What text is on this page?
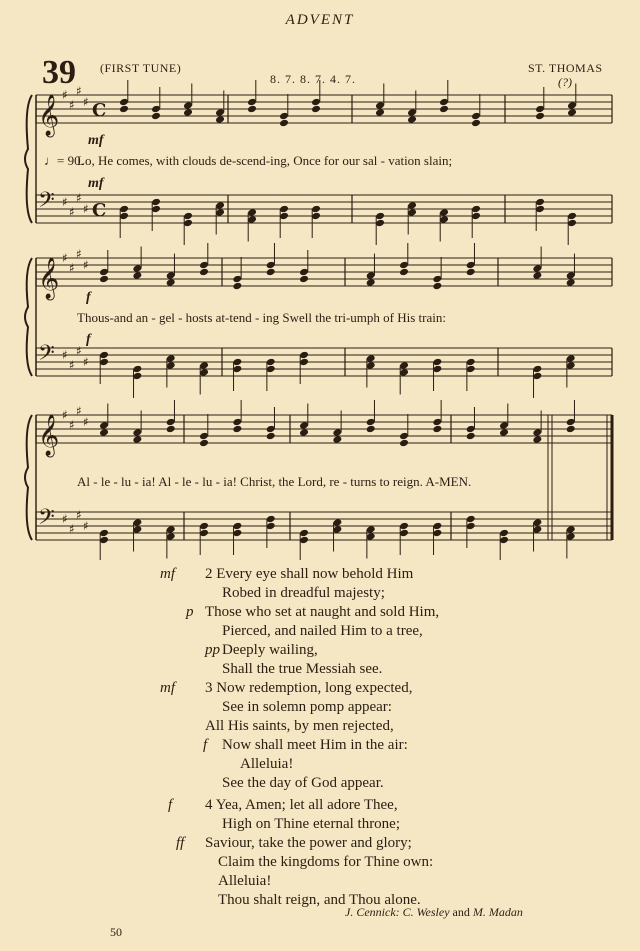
ADVENT
39 (FIRST TUNE)
8. 7. 8. 7. 4. 7.
ST. THOMAS
(?)
𝄞 ♯
♯
♯
♯ C
𝄢 ♯
♯
♯
♯ C
𝄞 ♯
♯
♯
♯
𝄢 ♯
♯
♯
♯
𝄞 ♯
♯
♯
♯
𝄢 ♯
♯
♯
♯
mf
♩= 90.
Lo, He comes, with clouds de-scend-ing, Once for our sal - vation slain;
mf
f
Thous-and an - gel - hosts at-tend - ing Swell the tri-umph of His train:
f
Al - le - lu - ia! Al - le - lu - ia! Christ, the Lord, re - turns to reign. A-MEN.
mf 2 Every eye shall now behold Him
Robed in dreadful majesty;
p Those who set at naught and sold Him,
Pierced, and nailed Him to a tree,
pp Deeply wailing,
Shall the true Messiah see.
mf 3 Now redemption, long expected,
See in solemn pomp appear:
All His saints, by men rejected,
f Now shall meet Him in the air:
Alleluia!
See the day of God appear.
f 4 Yea, Amen; let all adore Thee,
High on Thine eternal throne;
ff Saviour, take the power and glory;
Claim the kingdoms for Thine own:
Alleluia!
Thou shalt reign, and Thou alone.
J. Cennick: C. Wesley and M. Madan
50
